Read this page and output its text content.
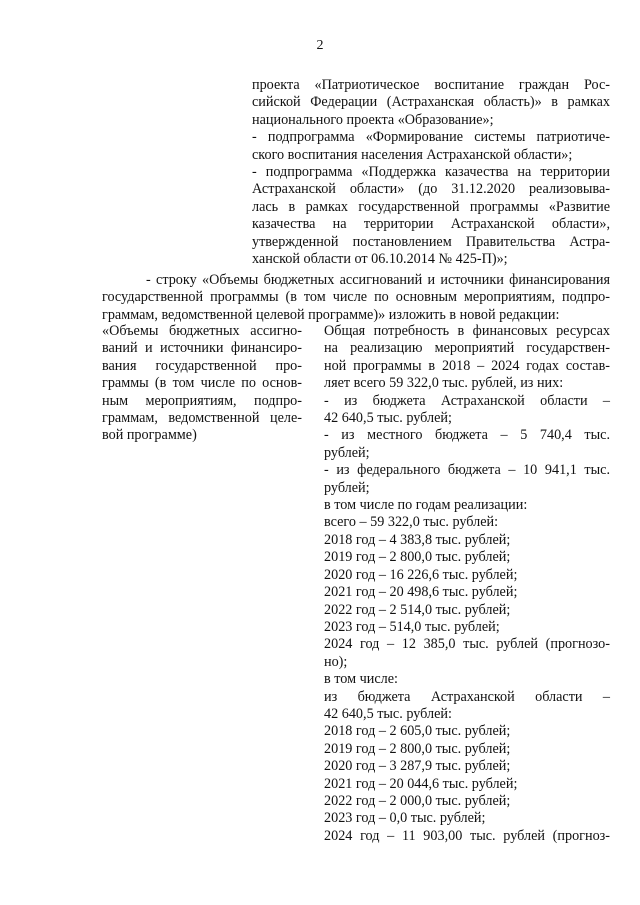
2
проекта «Патриотическое воспитание граждан Рос-
сийской Федерации (Астраханская область)» в рамках
национального проекта «Образование»;
- подпрограмма «Формирование системы патриотиче-
ского воспитания населения Астраханской области»;
- подпрограмма «Поддержка казачества на территории
Астраханской области» (до 31.12.2020 реализовыва-
лась в рамках государственной программы «Развитие
казачества на территории Астраханской области»,
утвержденной постановлением Правительства Астра-
ханской области от 06.10.2014 № 425-П)»;
- строку «Объемы бюджетных ассигнований и источники финансирования
государственной программы (в том числе по основным мероприятиям, подпро-
граммам, ведомственной целевой программе)» изложить в новой редакции:
«Объемы бюджетных ассигно-
ваний и источники финансиро-
вания государственной про-
граммы (в том числе по основ-
ным мероприятиям, подпро-
граммам, ведомственной целе-
вой программе)
Общая потребность в финансовых ресурсах
на реализацию мероприятий государствен-
ной программы в 2018 – 2024 годах состав-
ляет всего 59 322,0 тыс. рублей, из них:
- из бюджета Астраханской области –
42 640,5 тыс. рублей;
- из местного бюджета – 5 740,4 тыс.
рублей;
- из федерального бюджета – 10 941,1 тыс.
рублей;
в том числе по годам реализации:
всего – 59 322,0 тыс. рублей:
2018 год – 4 383,8 тыс. рублей;
2019 год – 2 800,0 тыс. рублей;
2020 год – 16 226,6 тыс. рублей;
2021 год – 20 498,6 тыс. рублей;
2022 год – 2 514,0 тыс. рублей;
2023 год – 514,0 тыс. рублей;
2024 год – 12 385,0 тыс. рублей (прогнозо-
но);
в том числе:
из бюджета Астраханской области –
42 640,5 тыс. рублей:
2018 год – 2 605,0 тыс. рублей;
2019 год – 2 800,0 тыс. рублей;
2020 год – 3 287,9 тыс. рублей;
2021 год – 20 044,6 тыс. рублей;
2022 год – 2 000,0 тыс. рублей;
2023 год – 0,0 тыс. рублей;
2024 год – 11 903,00 тыс. рублей (прогноз-
